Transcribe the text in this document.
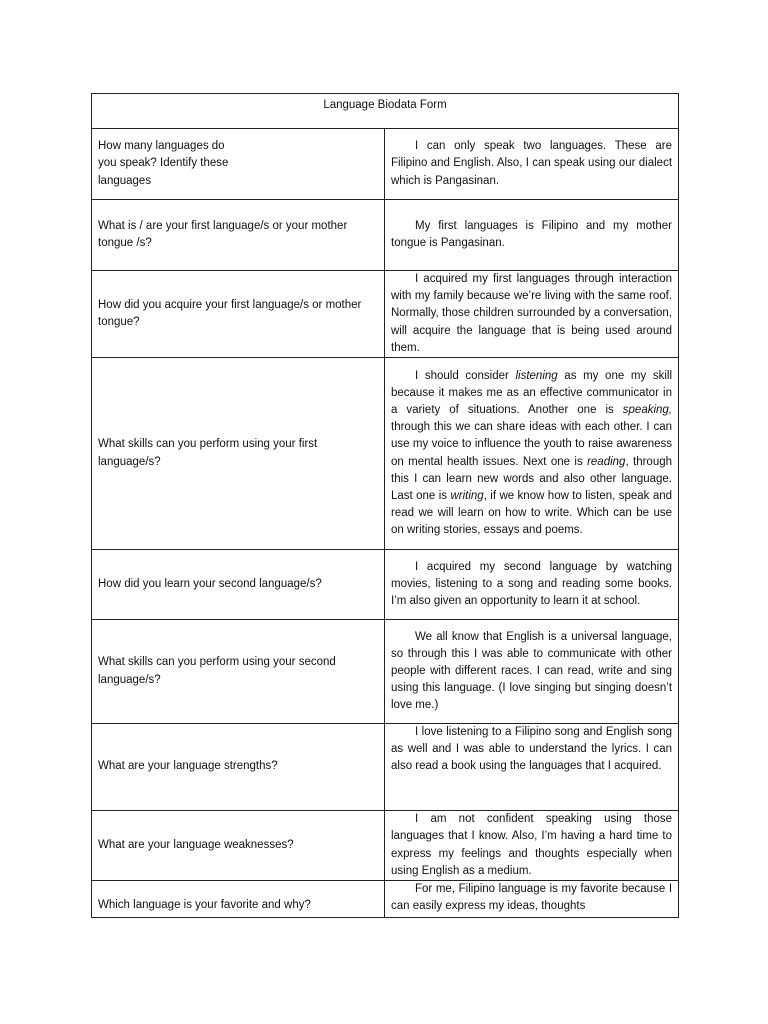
Language Biodata Form	
How many languages do you speak? Identify these languages	I can only speak two languages. These are Filipino and English. Also, I can speak using our dialect which is Pangasinan.
What is / are your first language/s or your mother tongue /s?	My first languages is Filipino and my mother tongue is Pangasinan.
How did you acquire your first language/s or mother tongue?	I acquired my first languages through interaction with my family because we’re living with the same roof. Normally, those children surrounded by a conversation, will acquire the language that is being used around them.
What skills can you perform using your first language/s?	I should consider listening as my one my skill because it makes me as an effective communicator in a variety of situations. Another one is speaking, through this we can share ideas with each other. I can use my voice to influence the youth to raise awareness on mental health issues. Next one is reading, through this I can learn new words and also other language. Last one is writing, if we know how to listen, speak and read we will learn on how to write. Which can be use on writing stories, essays and poems.
How did you learn your second language/s?	I acquired my second language by watching movies, listening to a song and reading some books. I’m also given an opportunity to learn it at school.
What skills can you perform using your second language/s?	We all know that English is a universal language, so through this I was able to communicate with other people with different races. I can read, write and sing using this language. (I love singing but singing doesn’t love me.)
What are your language strengths?	I love listening to a Filipino song and English song as well and I was able to understand the lyrics. I can also read a book using the languages that I acquired.
What are your language weaknesses?	I am not confident speaking using those languages that I know. Also, I’m having a hard time to express my feelings and thoughts especially when using English as a medium.
Which language is your favorite and why?	For me, Filipino language is my favorite because I can easily express my ideas, thoughts
